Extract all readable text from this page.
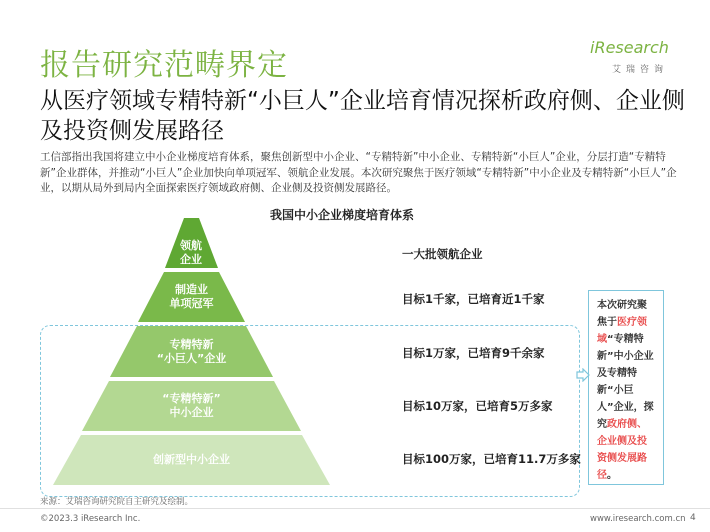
报告研究范畴界定
iResearch
艾瑞咨询
从医疗领域专精特新“小巨人”企业培育情况探析政府侧、企业侧及投资侧发展路径
工信部指出我国将建立中小企业梯度培育体系，聚焦创新型中小企业、“专精特新”中小企业、专精特新“小巨人”企业，分层打造“专精特新”企业群体，并推动“小巨人”企业加快向单项冠军、领航企业发展。本次研究聚焦于医疗领域“专精特新”中小企业及专精特新“小巨人”企业，以期从局外到局内全面探索医疗领域政府侧、企业侧及投资侧发展路径。
我国中小企业梯度培育体系
领航
企业
制造业
单项冠军
专精特新
“小巨人”企业
“专精特新”
中小企业
创新型中小企业
一大批领航企业
目标1千家，已培育近1千家
目标1万家，已培育9千余家
目标10万家，已培育5万多家
目标100万家，已培育11.7万多家
本次研究聚焦于医疗领域“专精特新”中小企业及专精特新“小巨人”企业，探究政府侧、企业侧及投资侧发展路径。
来源：艾瑞咨询研究院自主研究及绘制。
©2023.3 iResearch Inc.	www.iresearch.com.cn 4
